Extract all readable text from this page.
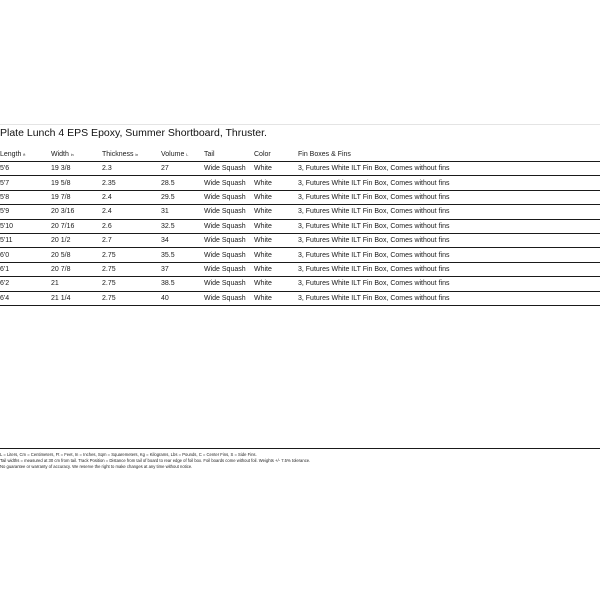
Plate Lunch 4 EPS Epoxy, Summer Shortboard, Thruster.
Length ft	Width in	Thickness in	Volume L	Tail	Color	Fin Boxes & Fins
5'6	19 3/8	2.3	27	Wide Squash	White	3, Futures White ILT Fin Box, Comes without fins
5'7	19 5/8	2.35	28.5	Wide Squash	White	3, Futures White ILT Fin Box, Comes without fins
5'8	19 7/8	2.4	29.5	Wide Squash	White	3, Futures White ILT Fin Box, Comes without fins
5'9	20 3/16	2.4	31	Wide Squash	White	3, Futures White ILT Fin Box, Comes without fins
5'10	20 7/16	2.6	32.5	Wide Squash	White	3, Futures White ILT Fin Box, Comes without fins
5'11	20 1/2	2.7	34	Wide Squash	White	3, Futures White ILT Fin Box, Comes without fins
6'0	20 5/8	2.75	35.5	Wide Squash	White	3, Futures White ILT Fin Box, Comes without fins
6'1	20 7/8	2.75	37	Wide Squash	White	3, Futures White ILT Fin Box, Comes without fins
6'2	21	2.75	38.5	Wide Squash	White	3, Futures White ILT Fin Box, Comes without fins
6'4	21 1/4	2.75	40	Wide Squash	White	3, Futures White ILT Fin Box, Comes without fins
L = Liters, Cm = Centimeters, Ft = Feet, In = Inches, Sqm = Squaremeters, Kg = Kilograms, Lbs = Pounds, C = Center Fins, S = Side Fins.
Tail widths = measured at 30 cm from tail. Track Position = Distance from tail of board to rear edge of foil box. Foil boards come without foil. Weights +/- 7.5% tolerance.
No guarantee or warranty of accuracy. We reserve the right to make changes at any time without notice.
